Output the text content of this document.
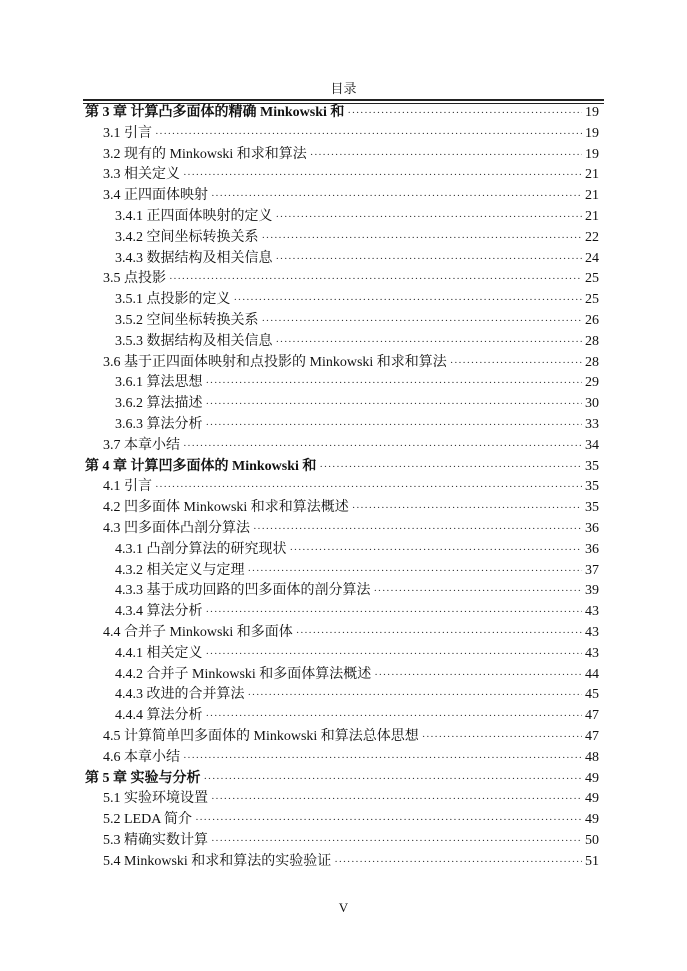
目录
第 3 章 计算凸多面体的精确 Minkowski 和 ·····	19
3.1 引言 ·····	19
3.2 现有的 Minkowski 和求和算法 ·····	19
3.3 相关定义 ·····	21
3.4 正四面体映射 ·····	21
3.4.1 正四面体映射的定义 ·····	21
3.4.2 空间坐标转换关系 ·····	22
3.4.3 数据结构及相关信息 ·····	24
3.5 点投影 ·····	25
3.5.1 点投影的定义 ·····	25
3.5.2 空间坐标转换关系 ·····	26
3.5.3 数据结构及相关信息 ·····	28
3.6 基于正四面体映射和点投影的 Minkowski 和求和算法 ·····	28
3.6.1 算法思想 ·····	29
3.6.2 算法描述 ·····	30
3.6.3 算法分析 ·····	33
3.7 本章小结 ·····	34
第 4 章 计算凹多面体的 Minkowski 和 ·····	35
4.1 引言 ·····	35
4.2 凹多面体 Minkowski 和求和算法概述 ·····	35
4.3 凹多面体凸剖分算法 ·····	36
4.3.1 凸剖分算法的研究现状 ·····	36
4.3.2 相关定义与定理 ·····	37
4.3.3 基于成功回路的凹多面体的剖分算法 ·····	39
4.3.4 算法分析 ·····	43
4.4 合并子 Minkowski 和多面体 ·····	43
4.4.1 相关定义 ·····	43
4.4.2 合并子 Minkowski 和多面体算法概述 ·····	44
4.4.3 改进的合并算法 ·····	45
4.4.4 算法分析 ·····	47
4.5 计算简单凹多面体的 Minkowski 和算法总体思想 ·····	47
4.6 本章小结 ·····	48
第 5 章 实验与分析 ·····	49
5.1 实验环境设置 ·····	49
5.2 LEDA 简介 ·····	49
5.3 精确实数计算 ·····	50
5.4 Minkowski 和求和算法的实验验证 ·····	51
V
